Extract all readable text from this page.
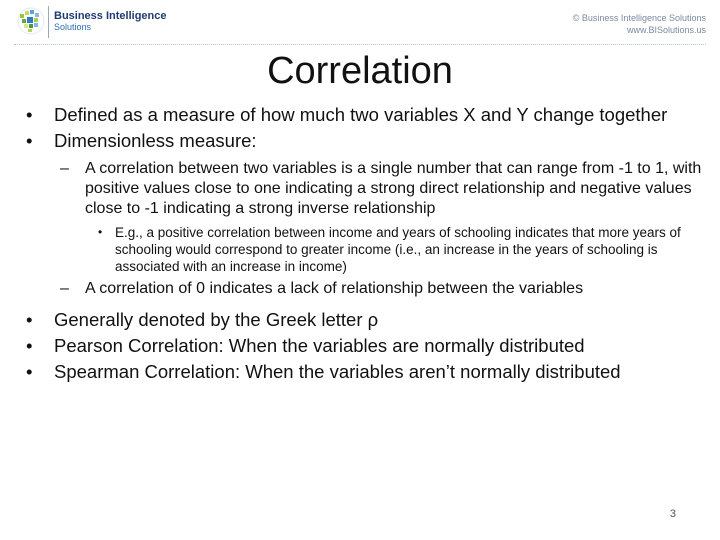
Business Intelligence
Solutions
© Business Intelligence Solutions
www.BISolutions.us
Correlation
• Defined as a measure of how much two variables X and Y change together
• Dimensionless measure:
– A correlation between two variables is a single number that can range from -1 to 1, with positive values close to one indicating a strong direct relationship and negative values close to -1 indicating a strong inverse relationship
• E.g., a positive correlation between income and years of schooling indicates that more years of schooling would correspond to greater income (i.e., an increase in the years of schooling is associated with an increase in income)
– A correlation of 0 indicates a lack of relationship between the variables
• Generally denoted by the Greek letter ρ
• Pearson Correlation: When the variables are normally distributed
• Spearman Correlation: When the variables aren’t normally distributed
3
